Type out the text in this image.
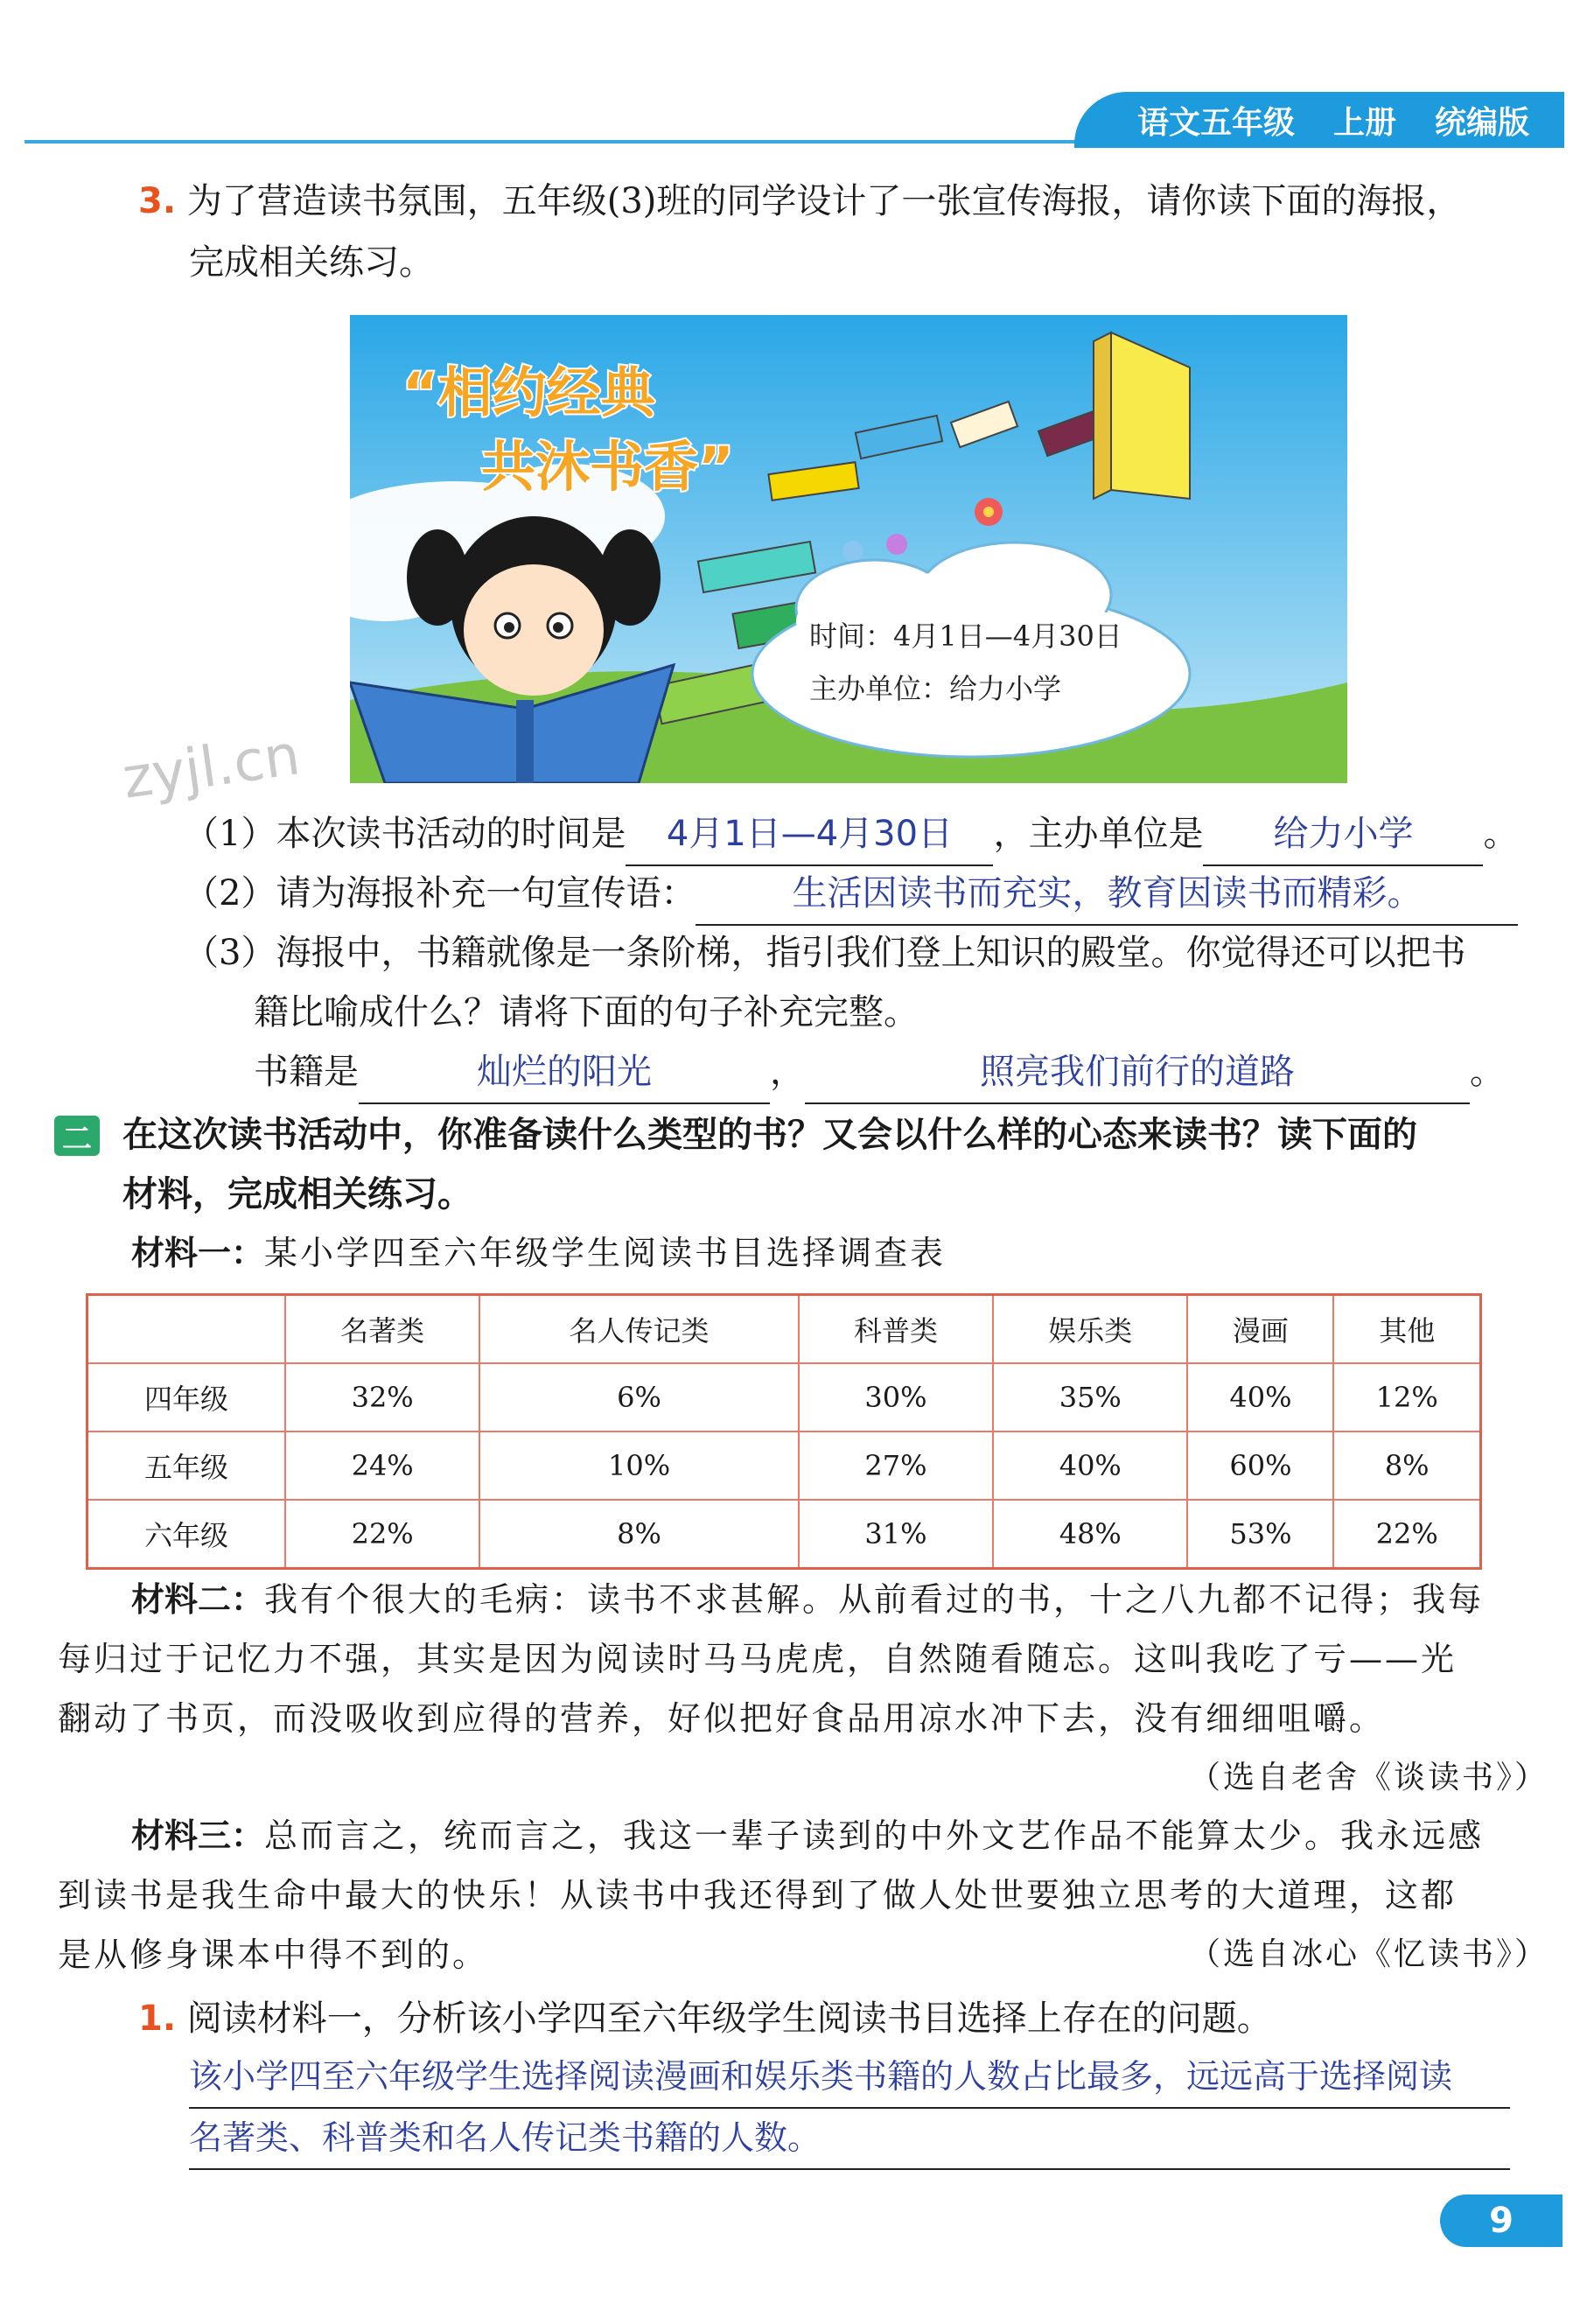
语文五年级 上册 统编版
3. 为了营造读书氛围，五年级(3)班的同学设计了一张宣传海报，请你读下面的海报，
完成相关练习。
“相约经典
共沐书香”
时间：4月1日—4月30日
主办单位：给力小学
zyjl.cn
（1）本次读书活动的时间是 4月1日—4月30日 ，主办单位是 给力小学 。
（2）请为海报补充一句宣传语：	生活因读书而充实，教育因读书而精彩。
（3）海报中，书籍就像是一条阶梯，指引我们登上知识的殿堂。你觉得还可以把书
籍比喻成什么？请将下面的句子补充完整。
书籍是	灿烂的阳光	，	照亮我们前行的道路	。
二 在这次读书活动中，你准备读什么类型的书？又会以什么样的心态来读书？读下面的
材料，完成相关练习。
材料一：某小学四至六年级学生阅读书目选择调查表
	名著类	名人传记类	科普类	娱乐类	漫画	其他
四年级	32%	6%	30%	35%	40%	12%
五年级	24%	10%	27%	40%	60%	8%
六年级	22%	8%	31%	48%	53%	22%
材料二：我有个很大的毛病：读书不求甚解。从前看过的书，十之八九都不记得；我每
每归过于记忆力不强，其实是因为阅读时马马虎虎，自然随看随忘。这叫我吃了亏——光
翻动了书页，而没吸收到应得的营养，好似把好食品用凉水冲下去，没有细细咀嚼。
（选自老舍《谈读书》）
材料三：总而言之，统而言之，我这一辈子读到的中外文艺作品不能算太少。我永远感
到读书是我生命中最大的快乐！从读书中我还得到了做人处世要独立思考的大道理，这都
是从修身课本中得不到的。	（选自冰心《忆读书》）
1. 阅读材料一，分析该小学四至六年级学生阅读书目选择上存在的问题。
该小学四至六年级学生选择阅读漫画和娱乐类书籍的人数占比最多，远远高于选择阅读
名著类、科普类和名人传记类书籍的人数。
9
